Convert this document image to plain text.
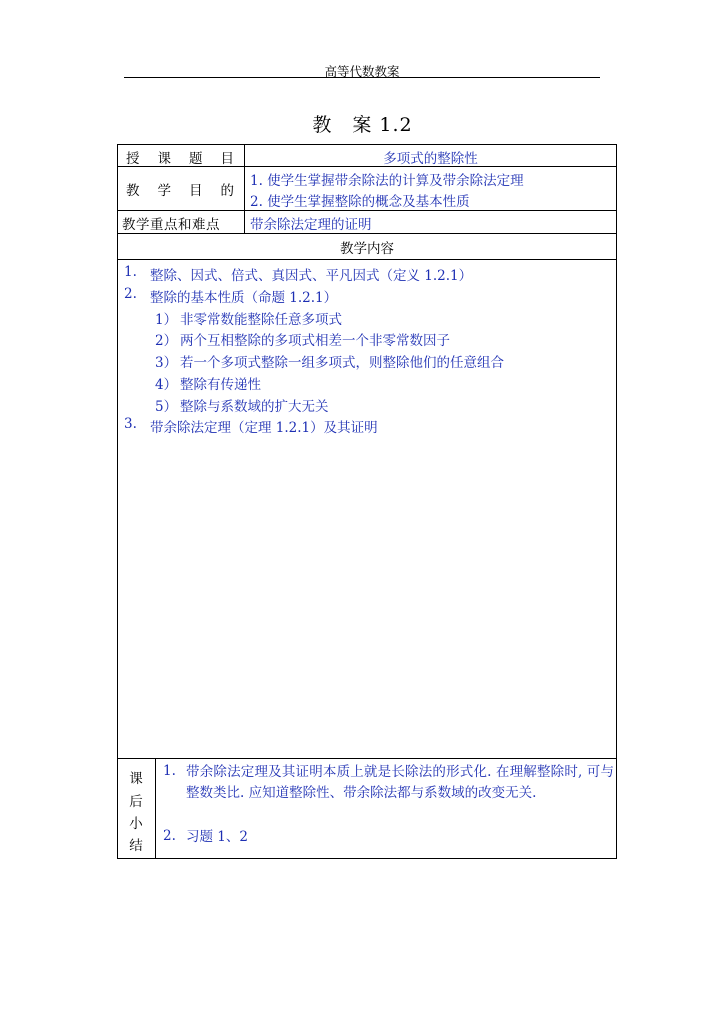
高等代数教案
教　案 1.2
授 课 题 目	多项式的整除性
教 学 目 的
1. 使学生掌握带余除法的计算及带余除法定理
2. 使学生掌握整除的概念及基本性质
教学重点和难点 带余除法定理的证明
教学内容
1. 整除、因式、倍式、真因式、平凡因式（定义 1.2.1）
2. 整除的基本性质（命题 1.2.1）
1） 非零常数能整除任意多项式
2） 两个互相整除的多项式相差一个非零常数因子
3） 若一个多项式整除一组多项式，则整除他们的任意组合
4） 整除有传递性
5） 整除与系数域的扩大无关
3. 带余除法定理（定理 1.2.1）及其证明
课
后
小
结
1. 带余除法定理及其证明本质上就是长除法的形式化. 在理解整除时, 可与整数类比. 应知道整除性、带余除法都与系数域的改变无关.
2. 习题 1、2
